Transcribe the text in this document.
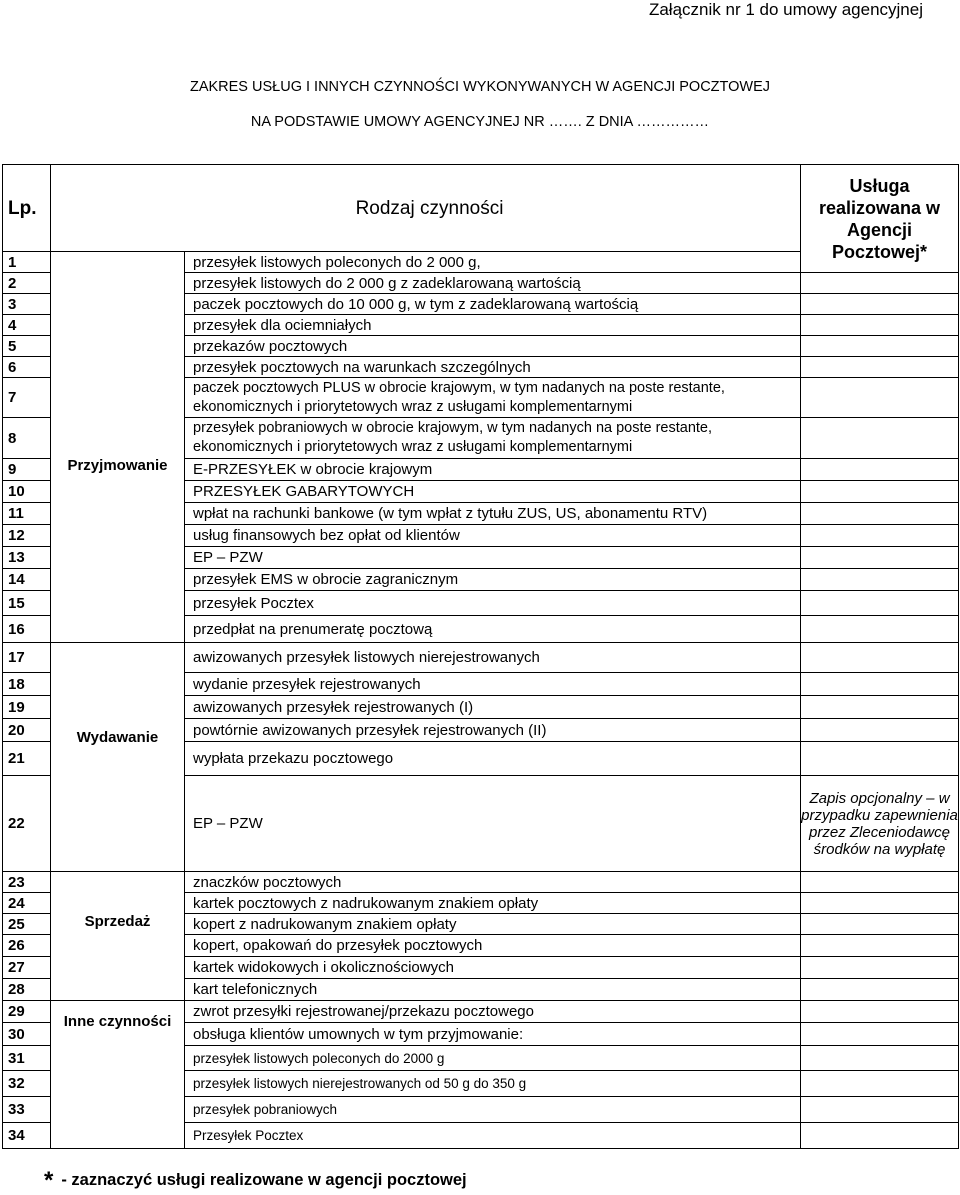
Załącznik nr 1 do umowy agencyjnej
ZAKRES USŁUG I INNYCH CZYNNOŚCI WYKONYWANYCH W AGENCJI POCZTOWEJ
NA PODSTAWIE UMOWY AGENCYJNEJ NR ……. Z DNIA ……………
Lp.	Rodzaj czynności		Usługa realizowana w Agencji Pocztowej*
1	Przyjmowanie	przesyłek listowych poleconych do 2 000 g,	
2		przesyłek listowych do 2 000 g z zadeklarowaną wartością	
3		paczek pocztowych do 10 000 g, w tym z zadeklarowaną wartością	
4		przesyłek dla ociemniałych	
5		przekazów pocztowych	
6		przesyłek pocztowych na warunkach szczególnych	
7		paczek pocztowych PLUS w obrocie krajowym, w tym nadanych na poste restante, ekonomicznych i priorytetowych wraz z usługami komplementarnymi	
8		przesyłek pobraniowych w obrocie krajowym, w tym nadanych na poste restante, ekonomicznych i priorytetowych wraz z usługami komplementarnymi	
9		E-PRZESYŁEK w obrocie krajowym	
10		PRZESYŁEK GABARYTOWYCH	
11		wpłat na rachunki bankowe (w tym wpłat z tytułu ZUS, US, abonamentu RTV)	
12		usług finansowych bez opłat od klientów	
13		EP – PZW	
14		przesyłek EMS w obrocie zagranicznym	
15		przesyłek Pocztex	
16		przedpłat na prenumeratę pocztową	
17	Wydawanie	awizowanych przesyłek listowych nierejestrowanych	
18		wydanie przesyłek rejestrowanych	
19		awizowanych przesyłek rejestrowanych (I)	
20		powtórnie awizowanych przesyłek rejestrowanych (II)	
21		wypłata przekazu pocztowego	
22		EP – PZW	Zapis opcjonalny – w przypadku zapewnienia przez Zleceniodawcę środków na wypłatę
23	Sprzedaż	znaczków pocztowych	
24		kartek pocztowych z nadrukowanym znakiem opłaty	
25		kopert z nadrukowanym znakiem opłaty	
26		kopert, opakowań do przesyłek pocztowych	
27		kartek widokowych i okolicznościowych	
28		kart telefonicznych	
29	Inne czynności	zwrot przesyłki rejestrowanej/przekazu pocztowego	
30		obsługa klientów umownych w tym przyjmowanie:	
31		przesyłek listowych poleconych do 2000 g	
32		przesyłek listowych nierejestrowanych od 50 g do 350 g	
33		przesyłek pobraniowych	
34		Przesyłek Pocztex	
* - zaznaczyć usługi realizowane w agencji pocztowej
